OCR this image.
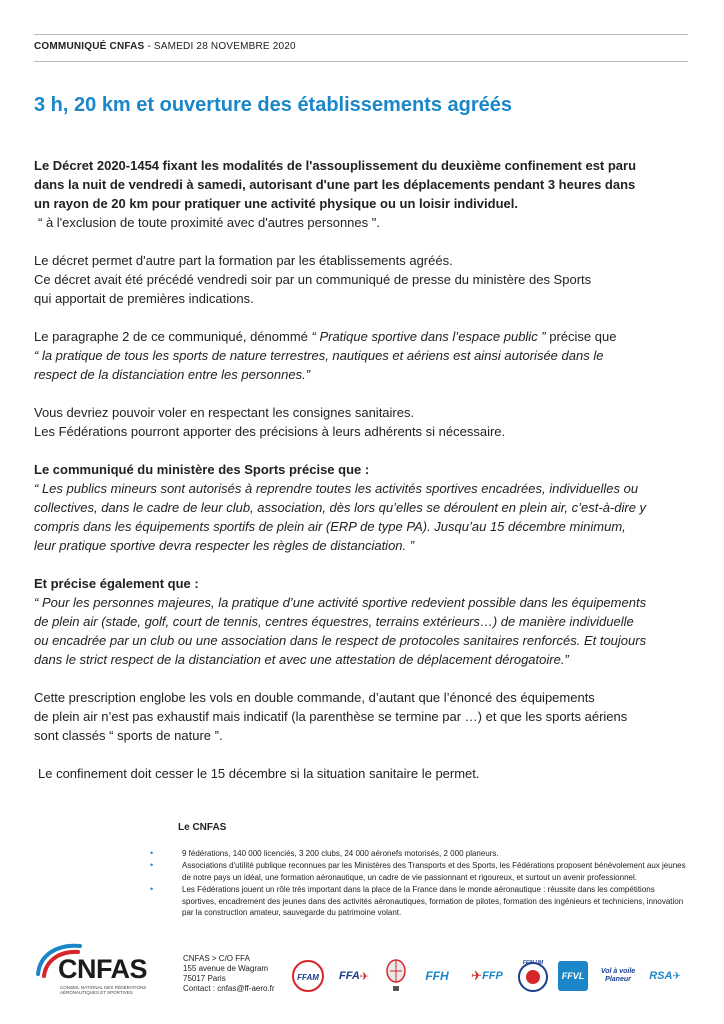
COMMUNIQUÉ CNFAS - SAMEDI 28 NOVEMBRE 2020
3 h, 20 km et ouverture des établissements agréés

Le Décret 2020-1454 fixant les modalités de l'assouplissement du deuxième confinement est paru

dans la nuit de vendredi à samedi, autorisant d'une part les déplacements pendant 3 heures dans

un rayon de 20 km pour pratiquer une activité physique ou un loisir individuel.

“ à l'exclusion de toute proximité avec d'autres personnes ".

Le décret permet d'autre part la formation par les établissements agréés.

Ce décret avait été précédé vendredi soir par un communiqué de presse du ministère des Sports

qui apportait de premières indications.

Le paragraphe 2 de ce communiqué, dénommé “ Pratique sportive dans l’espace public ” précise que

“ la pratique de tous les sports de nature terrestres, nautiques et aériens est ainsi autorisée dans le

respect de la distanciation entre les personnes.”

Vous devriez pouvoir voler en respectant les consignes sanitaires.

Les Fédérations pourront apporter des précisions à leurs adhérents si nécessaire.

Le communiqué du ministère des Sports précise que :

“ Les publics mineurs sont autorisés à reprendre toutes les activités sportives encadrées, individuelles ou

collectives, dans le cadre de leur club, association, dès lors qu’elles se déroulent en plein air, c’est-à-dire y

compris dans les équipements sportifs de plein air (ERP de type PA). Jusqu’au 15 décembre minimum,

leur pratique sportive devra respecter les règles de distanciation. ”

Et précise également que :

“ Pour les personnes majeures, la pratique d’une activité sportive redevient possible dans les équipements

de plein air (stade, golf, court de tennis, centres équestres, terrains extérieurs…) de manière individuelle

ou encadrée par un club ou une association dans le respect de protocoles sanitaires renforcés. Et toujours

dans le strict respect de la distanciation et avec une attestation de déplacement dérogatoire.”

Cette prescription englobe les vols en double commande, d’autant que l’énoncé des équipements

de plein air n’est pas exhaustif mais indicatif (la parenthèse se termine par …) et que les sports aériens

sont classés “ sports de nature ”.

Le confinement doit cesser le 15 décembre si la situation sanitaire le permet.

Le CNFAS
•	9 fédérations, 140 000 licenciés, 3 200 clubs, 24 000 aéronefs motorisés, 2 000 planeurs.
•	Associations d'utilité publique reconnues par les Ministères des Transports et des Sports, les Fédérations proposent bénévolement aux jeunes de notre pays un idéal, une formation aéronautique, un cadre de vie passionnant et rigoureux, et surtout un avenir professionnel.
•	Les Fédérations jouent un rôle très important dans la place de la France dans le monde aéronautique : réussite dans les compétitions sportives, encadrement des jeunes dans des activités aéronautiques, formation de pilotes, formation des ingénieurs et techniciens, innovation par la construction amateur, sauvegarde du patrimoine volant.
CNFAS
CONSEIL NATIONAL DES FÉDÉRATIONS
AÉRONAUTIQUES ET SPORTIVES
CNFAS > C/O FFA
155 avenue de Wagram
75017 Paris
Contact : cnfas@ff-aero.fr
FFAM FFA ✈	FFH ✈ FFP
FFPLUM
FFVL	Vol à voile Planeur	RSA ✈
